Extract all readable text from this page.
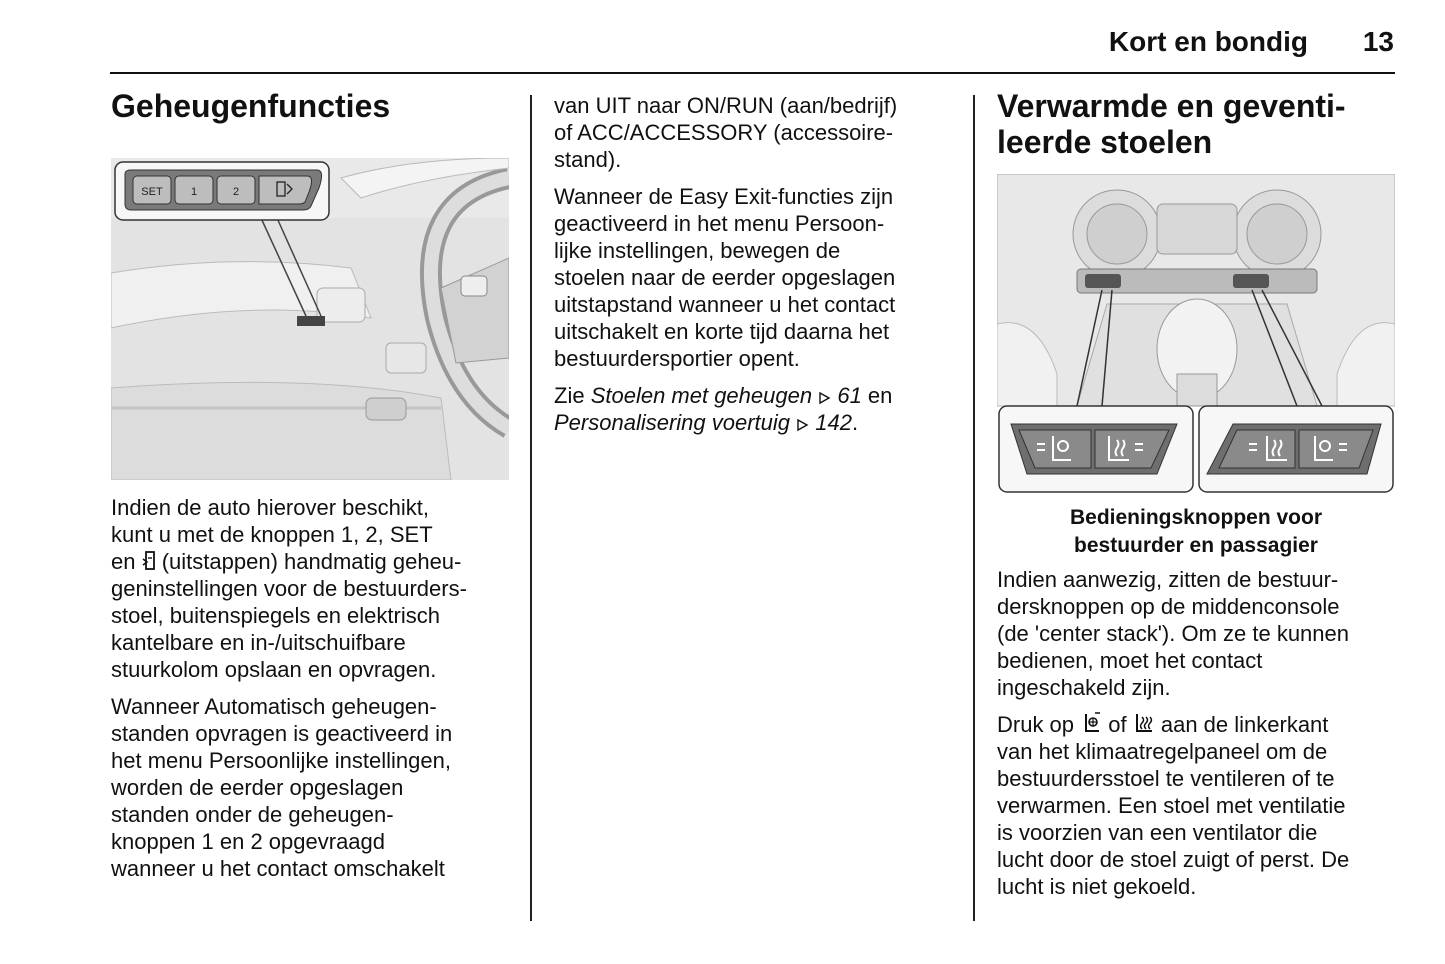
Kort en bondig	13
Geheugenfuncties
SET	1	2

Indien de auto hierover beschikt,
kunt u met de knoppen 1, 2, SET
en  (uitstappen) handmatig geheu-
geninstellingen voor de bestuurders-
stoel, buitenspiegels en elektrisch
kantelbare en in-/uitschuifbare
stuurkolom opslaan en opvragen.

Wanneer Automatisch geheugen-
standen opvragen is geactiveerd in
het menu Persoonlijke instellingen,
worden de eerder opgeslagen
standen onder de geheugen-
knoppen 1 en 2 opgevraagd
wanneer u het contact omschakelt

van UIT naar ON/RUN (aan/bedrijf)
of ACC/ACCESSORY (accessoire-
stand).

Wanneer de Easy Exit-functies zijn
geactiveerd in het menu Persoon-
lijke instellingen, bewegen de
stoelen naar de eerder opgeslagen
uitstapstand wanneer u het contact
uitschakelt en korte tijd daarna het
bestuurdersportier opent.

Zie Stoelen met geheugen  61 en
Personalisering voertuig  142.

Verwarmde en geventi-
leerde stoelen
Bedieningsknoppen voor
bestuurder en passagier

Indien aanwezig, zitten de bestuur-
dersknoppen op de middenconsole
(de 'center stack'). Om ze te kunnen
bedienen, moet het contact
ingeschakeld zijn.

Druk op  of  aan de linkerkant
van het klimaatregelpaneel om de
bestuurdersstoel te ventileren of te
verwarmen. Een stoel met ventilatie
is voorzien van een ventilator die
lucht door de stoel zuigt of perst. De
lucht is niet gekoeld.
